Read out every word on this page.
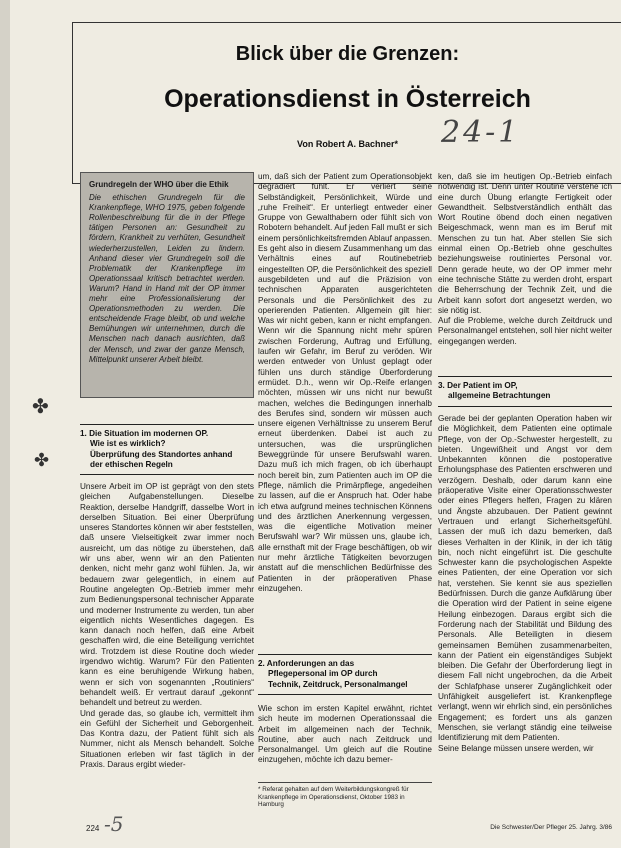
✤
✤
Blick über die Grenzen:
Operationsdienst in Österreich
Von Robert A. Bachner*	24-1
Grundregeln der WHO über die Ethik
Die ethischen Grundregeln für die Krankenpflege, WHO 1975, geben folgende Rollenbeschreibung für die in der Pflege tätigen Personen an: Gesundheit zu fördern, Krankheit zu verhüten, Gesundheit wiederherzustellen, Leiden zu lindern. Anhand dieser vier Grundregeln soll die Problematik der Krankenpflege im Operationssaal kritisch betrachtet werden. Warum? Hand in Hand mit der OP immer mehr eine Professionalisierung der Operationsmethoden zu werden. Die entscheidende Frage bleibt, ob und welche Bemühungen wir unternehmen, durch die Menschen nach danach ausrichten, daß der Mensch, und zwar der ganze Mensch, Mittelpunkt unserer Arbeit bleibt.
1. Die Situation im modernen OP.
Wie ist es wirklich?
Überprüfung des Standortes anhand
der ethischen Regeln

Unsere Arbeit im OP ist geprägt von den stets gleichen Aufgabenstellungen. Dieselbe Reaktion, derselbe Handgriff, dasselbe Wort in derselben Situation. Bei einer Überprüfung unseres Standortes können wir aber feststellen, daß unsere Vielseitigkeit zwar immer noch ausreicht, um das nötige zu überstehen, daß wir uns aber, wenn wir an den Patienten denken, nicht mehr ganz wohl fühlen. Ja, wir bedauern zwar gelegentlich, in einem auf Routine angelegten Op.-Betrieb immer mehr zum Bedienungspersonal technischer Apparate und moderner Instrumente zu werden, tun aber eigentlich nichts Wesentliches dagegen. Es kann danach noch helfen, daß eine Arbeit geschaffen wird, die eine Beteiligung verrichtet wird. Trotzdem ist diese Routine doch wieder irgendwo wichtig. Warum? Für den Patienten kann es eine beruhigende Wirkung haben, wenn er sich von sogenannten „Routiniers“ behandelt weiß. Er vertraut darauf „gekonnt“ behandelt und betreut zu werden.

Und gerade das, so glaube ich, vermittelt ihm ein Gefühl der Sicherheit und Geborgenheit. Das Kontra dazu, der Patient fühlt sich als Nummer, nicht als Mensch behandelt. Solche Situationen erleben wir fast täglich in der Praxis. Daraus ergibt wieder-

um, daß sich der Patient zum Operationsobjekt degradiert fühlt. Er verliert seine Selbständigkeit, Persönlichkeit, Würde und „ruhe Freiheit“. Er unterliegt entweder einer Gruppe von Gewalthabern oder fühlt sich von Robotern behandelt. Auf jeden Fall mußt er sich einem persönlichkeitsfremden Ablauf anpassen. Es geht also in diesem Zusammenhang um das Verhältnis eines auf Routinebetrieb eingestellten OP, die Persönlichkeit des speziell ausgebildeten und auf die Präzision von technischen Apparaten ausgerichteten Personals und die Persönlichkeit des zu operierenden Patienten. Allgemein gilt hier: Was wir nicht geben, kann er nicht empfangen. Wenn wir die Spannung nicht mehr spüren zwischen Forderung, Auftrag und Erfüllung, laufen wir Gefahr, im Beruf zu veröden. Wir werden entweder von Unlust geplagt oder fühlen uns durch ständige Überforderung ermüdet. D.h., wenn wir Op.-Reife erlangen möchten, müssen wir uns nicht nur bewußt machen, welches die Bedingungen innerhalb des Berufes sind, sondern wir müssen auch unsere eigenen Verhältnisse zu unserem Beruf erneut überdenken. Dabei ist auch zu untersuchen, was die ursprünglichen Beweggründe für unsere Berufswahl waren. Dazu muß ich mich fragen, ob ich überhaupt noch bereit bin, zum Patienten auch im OP die Pflege, nämlich die Primärpflege, angedeihen zu lassen, auf die er Anspruch hat. Oder habe ich etwa aufgrund meines technischen Könnens und des ärztlichen Anerkennung vergessen, was die eigentliche Motivation meiner Berufswahl war? Wir müssen uns, glaube ich, alle ernsthaft mit der Frage beschäftigen, ob wir nur mehr ärztliche Tätigkeiten bevorzugen anstatt auf die menschlichen Bedürfnisse des Patienten in der präoperativen Phase einzugehen.

2. Anforderungen an das
Pflegepersonal im OP durch
Technik, Zeitdruck, Personalmangel

Wie schon im ersten Kapitel erwähnt, richtet sich heute im modernen Operationssaal die Arbeit im allgemeinen nach der Technik, Routine, aber auch nach Zeitdruck und Personalmangel. Um gleich auf die Routine einzugehen, möchte ich dazu bemer-

* Referat gehalten auf dem Weiterbildungskongreß für Krankenpflege im Operationsdienst, Oktober 1983 in Hamburg

ken, daß sie im heutigen Op.-Betrieb einfach notwendig ist. Denn unter Routine verstehe ich eine durch Übung erlangte Fertigkeit oder Gewandtheit. Selbstverständlich enthält das Wort Routine öbend doch einen negativen Beigeschmack, wenn man es im Beruf mit Menschen zu tun hat. Aber stellen Sie sich einmal einen Op.-Betrieb ohne geschultes beziehungsweise routiniertes Personal vor. Denn gerade heute, wo der OP immer mehr eine technische Stätte zu werden droht, erspart die Beherrschung der Technik Zeit, und die Arbeit kann sofort dort angesetzt werden, wo sie nötig ist.

Auf die Probleme, welche durch Zeitdruck und Personalmangel entstehen, soll hier nicht weiter eingegangen werden.

3. Der Patient im OP,
allgemeine Betrachtungen

Gerade bei der geplanten Operation haben wir die Möglichkeit, dem Patienten eine optimale Pflege, von der Op.-Schwester hergestellt, zu bieten. Ungewißheit und Angst vor dem Unbekannten können die postoperative Erholungsphase des Patienten erschweren und verzögern. Deshalb, oder darum kann eine präoperative Visite einer Operationsschwester oder eines Pflegers helfen, Fragen zu klären und Ängste abzubauen. Der Patient gewinnt Vertrauen und erlangt Sicherheitsgefühl. Lassen der muß ich dazu bemerken, daß dieses Verhalten in der Klinik, in der ich tätig bin, noch nicht eingeführt ist. Die geschulte Schwester kann die psychologischen Aspekte eines Patienten, der eine Operation vor sich hat, verstehen. Sie kennt sie aus speziellen Bedürfnissen. Durch die ganze Aufklärung über die Operation wird der Patient in seine eigene Heilung einbezogen. Daraus ergibt sich die Forderung nach der Stabilität und Bildung des Personals. Alle Beteiligten in diesem gemeinsamen Bemühen zusammenarbeiten, kann der Patient ein eigenständiges Subjekt bleiben. Die Gefahr der Überforderung liegt in diesem Fall nicht ungebrochen, da die Arbeit der Schlafphase unserer Zugänglichkeit oder Unfähigkeit ausgeliefert ist. Krankenpflege verlangt, wenn wir ehrlich sind, ein persönliches Engagement; es fordert uns als ganzen Menschen, sie verlangt ständig eine teilweise Identifizierung mit dem Patienten.

Seine Belange müssen unsere werden, wir

224 -5	Die Schwester/Der Pfleger 25. Jahrg. 3/86
